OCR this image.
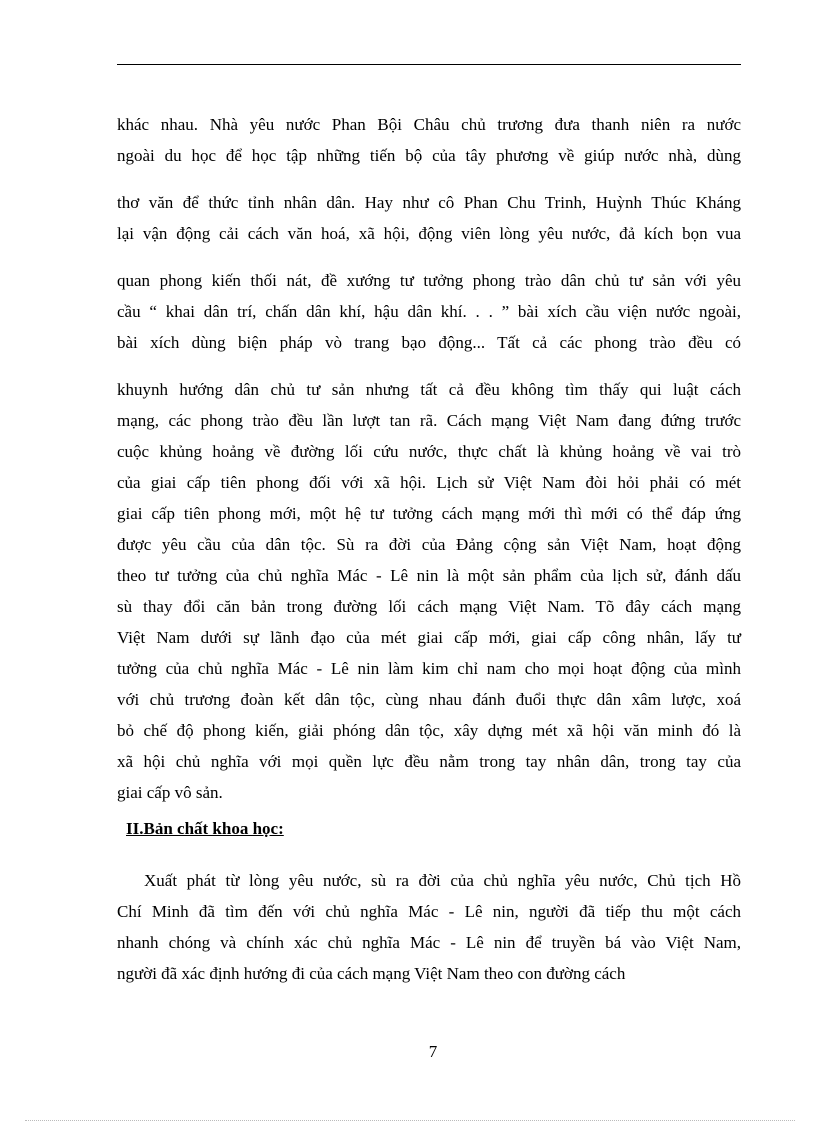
khác nhau. Nhà yêu nước Phan Bội Châu chủ trương đưa thanh niên ra nước
ngoài du học để học tập những tiến bộ của tây phương về giúp nước nhà, dùng
thơ văn để thức tỉnh nhân dân. Hay như cô Phan Chu Trinh, Huỳnh Thúc Kháng
lại vận động cải cách văn hoá, xã hội, động viên lòng yêu nước, đả kích bọn vua
quan phong kiến thối nát, đề xướng tư tưởng phong trào dân chủ tư sản với yêu
cầu “ khai dân trí, chấn dân khí, hậu dân khí. . . ” bài xích cầu viện nước ngoài,
bài xích dùng biện pháp vò trang bạo động... Tất cả các phong trào đều có
khuynh hướng dân chủ tư sản nhưng tất cả đều không tìm thấy qui luật cách
mạng, các phong trào đều lần lượt tan rã. Cách mạng Việt Nam đang đứng trước
cuộc khủng hoảng về đường lối cứu nước, thực chất là khủng hoảng về vai trò
của giai cấp tiên phong đối với xã hội. Lịch sử Việt Nam đòi hỏi phải có mét
giai cấp tiên phong mới, một hệ tư tưởng cách mạng mới thì mới có thể đáp ứng
được yêu cầu của dân tộc. Sù ra đời của Đảng cộng sản Việt Nam, hoạt động
theo tư tưởng của chủ nghĩa Mác - Lê nin là một sản phẩm của lịch sử, đánh dấu
sù thay đổi căn bản trong đường lối cách mạng Việt Nam. Tõ đây cách mạng
Việt Nam dưới sự lãnh đạo của mét giai cấp mới, giai cấp công nhân, lấy tư
tưởng của chủ nghĩa Mác - Lê nin làm kim chỉ nam cho mọi hoạt động của mình
với chủ trương đoàn kết dân tộc, cùng nhau đánh đuổi thực dân xâm lược, xoá
bỏ chế độ phong kiến, giải phóng dân tộc, xây dựng mét xã hội văn minh đó là
xã hội chủ nghĩa với mọi quền lực đều nằm trong tay nhân dân, trong tay của
giai cấp vô sản.
II.Bản chất khoa học:
Xuất phát từ lòng yêu nước, sù ra đời của chủ nghĩa yêu nước, Chủ tịch Hồ
Chí Minh đã tìm đến với chủ nghĩa Mác - Lê nin, người đã tiếp thu một cách
nhanh chóng và chính xác chủ nghĩa Mác - Lê nin để truyền bá vào Việt Nam,
người đã xác định hướng đi của cách mạng Việt Nam theo con đường cách
7
